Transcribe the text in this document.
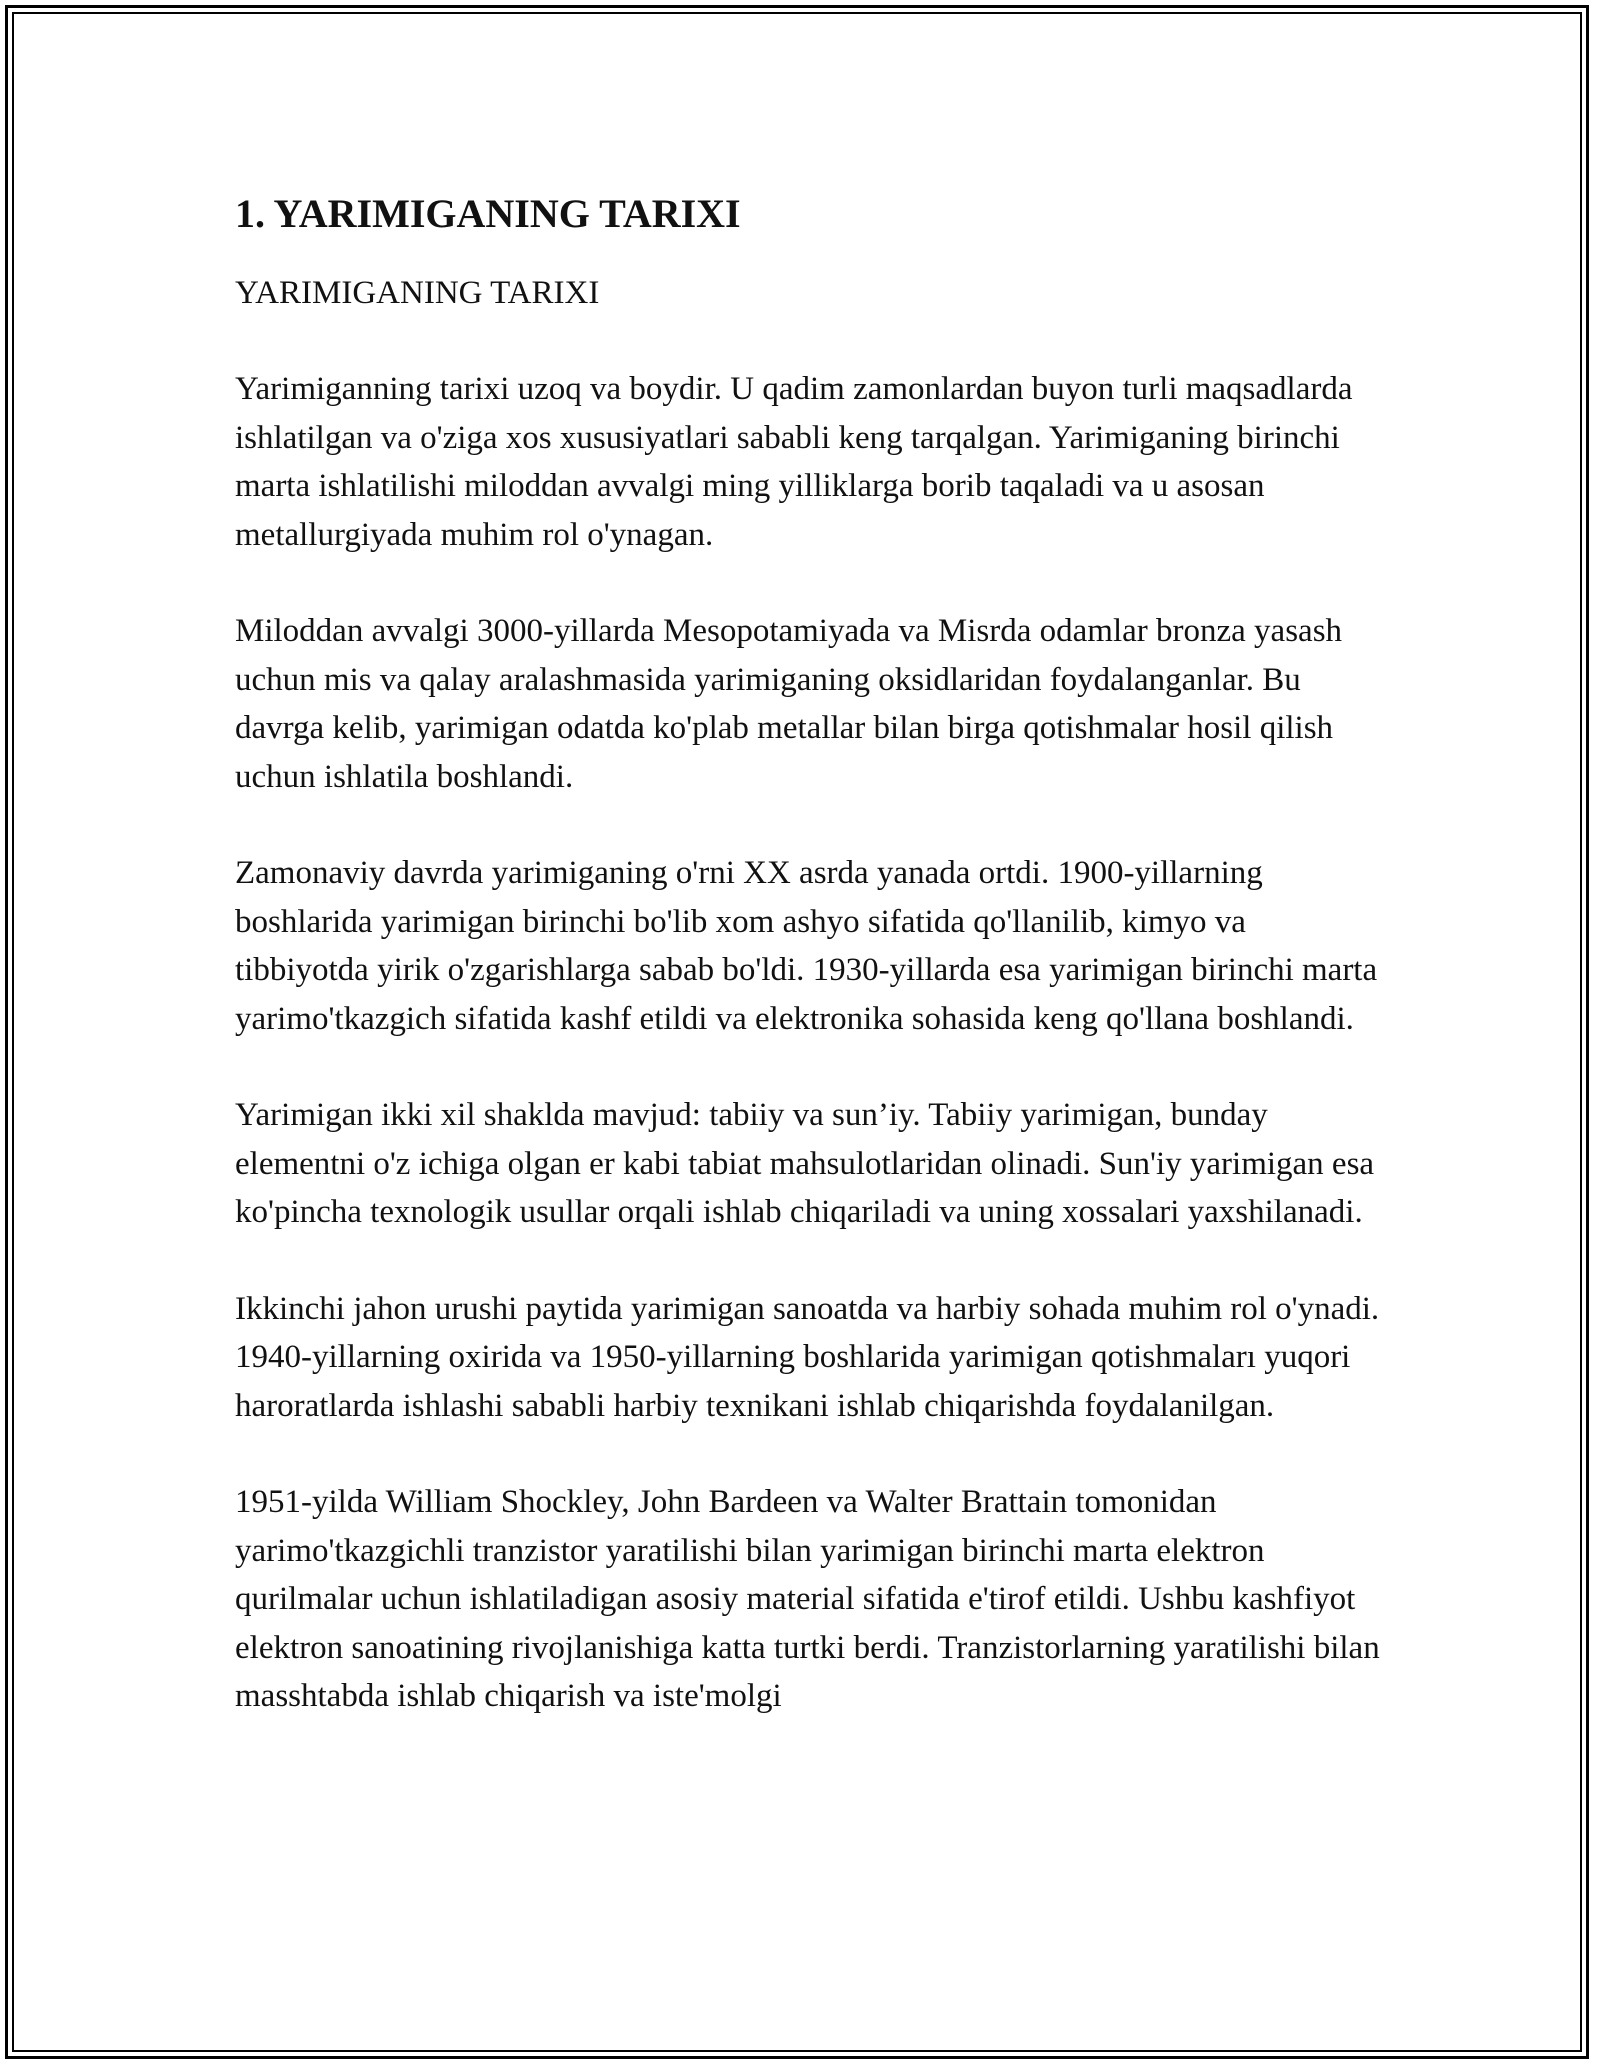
1. YARIMIGANING TARIXI

YARIMIGANING TARIXI

Yarimiganning tarixi uzoq va boydir. U qadim zamonlardan buyon turli maqsadlarda ishlatilgan va o'ziga xos xususiyatlari sababli keng tarqalgan. Yarimiganing birinchi marta ishlatilishi miloddan avvalgi ming yilliklarga borib taqaladi va u asosan metallurgiyada muhim rol o'ynagan.

Miloddan avvalgi 3000-yillarda Mesopotamiyada va Misrda odamlar bronza yasash uchun mis va qalay aralashmasida yarimiganing oksidlaridan foydalanganlar. Bu davrga kelib, yarimigan odatda ko'plab metallar bilan birga qotishmalar hosil qilish uchun ishlatila boshlandi.

Zamonaviy davrda yarimiganing o'rni XX asrda yanada ortdi. 1900-yillarning boshlarida yarimigan birinchi bo'lib xom ashyo sifatida qo'llanilib, kimyo va tibbiyotda yirik o'zgarishlarga sabab bo'ldi. 1930-yillarda esa yarimigan birinchi marta yarimo'tkazgich sifatida kashf etildi va elektronika sohasida keng qo'llana boshlandi.

Yarimigan ikki xil shaklda mavjud: tabiiy va sun’iy. Tabiiy yarimigan, bunday elementni o'z ichiga olgan er kabi tabiat mahsulotlaridan olinadi. Sun'iy yarimigan esa ko'pincha texnologik usullar orqali ishlab chiqariladi va uning xossalari yaxshilanadi.

Ikkinchi jahon urushi paytida yarimigan sanoatda va harbiy sohada muhim rol o'ynadi. 1940-yillarning oxirida va 1950-yillarning boshlarida yarimigan qotishmaları yuqori haroratlarda ishlashi sababli harbiy texnikani ishlab chiqarishda foydalanilgan.

1951-yilda William Shockley, John Bardeen va Walter Brattain tomonidan yarimo'tkazgichli tranzistor yaratilishi bilan yarimigan birinchi marta elektron qurilmalar uchun ishlatiladigan asosiy material sifatida e'tirof etildi. Ushbu kashfiyot elektron sanoatining rivojlanishiga katta turtki berdi. Tranzistorlarning yaratilishi bilan masshtabda ishlab chiqarish va iste'molgi
